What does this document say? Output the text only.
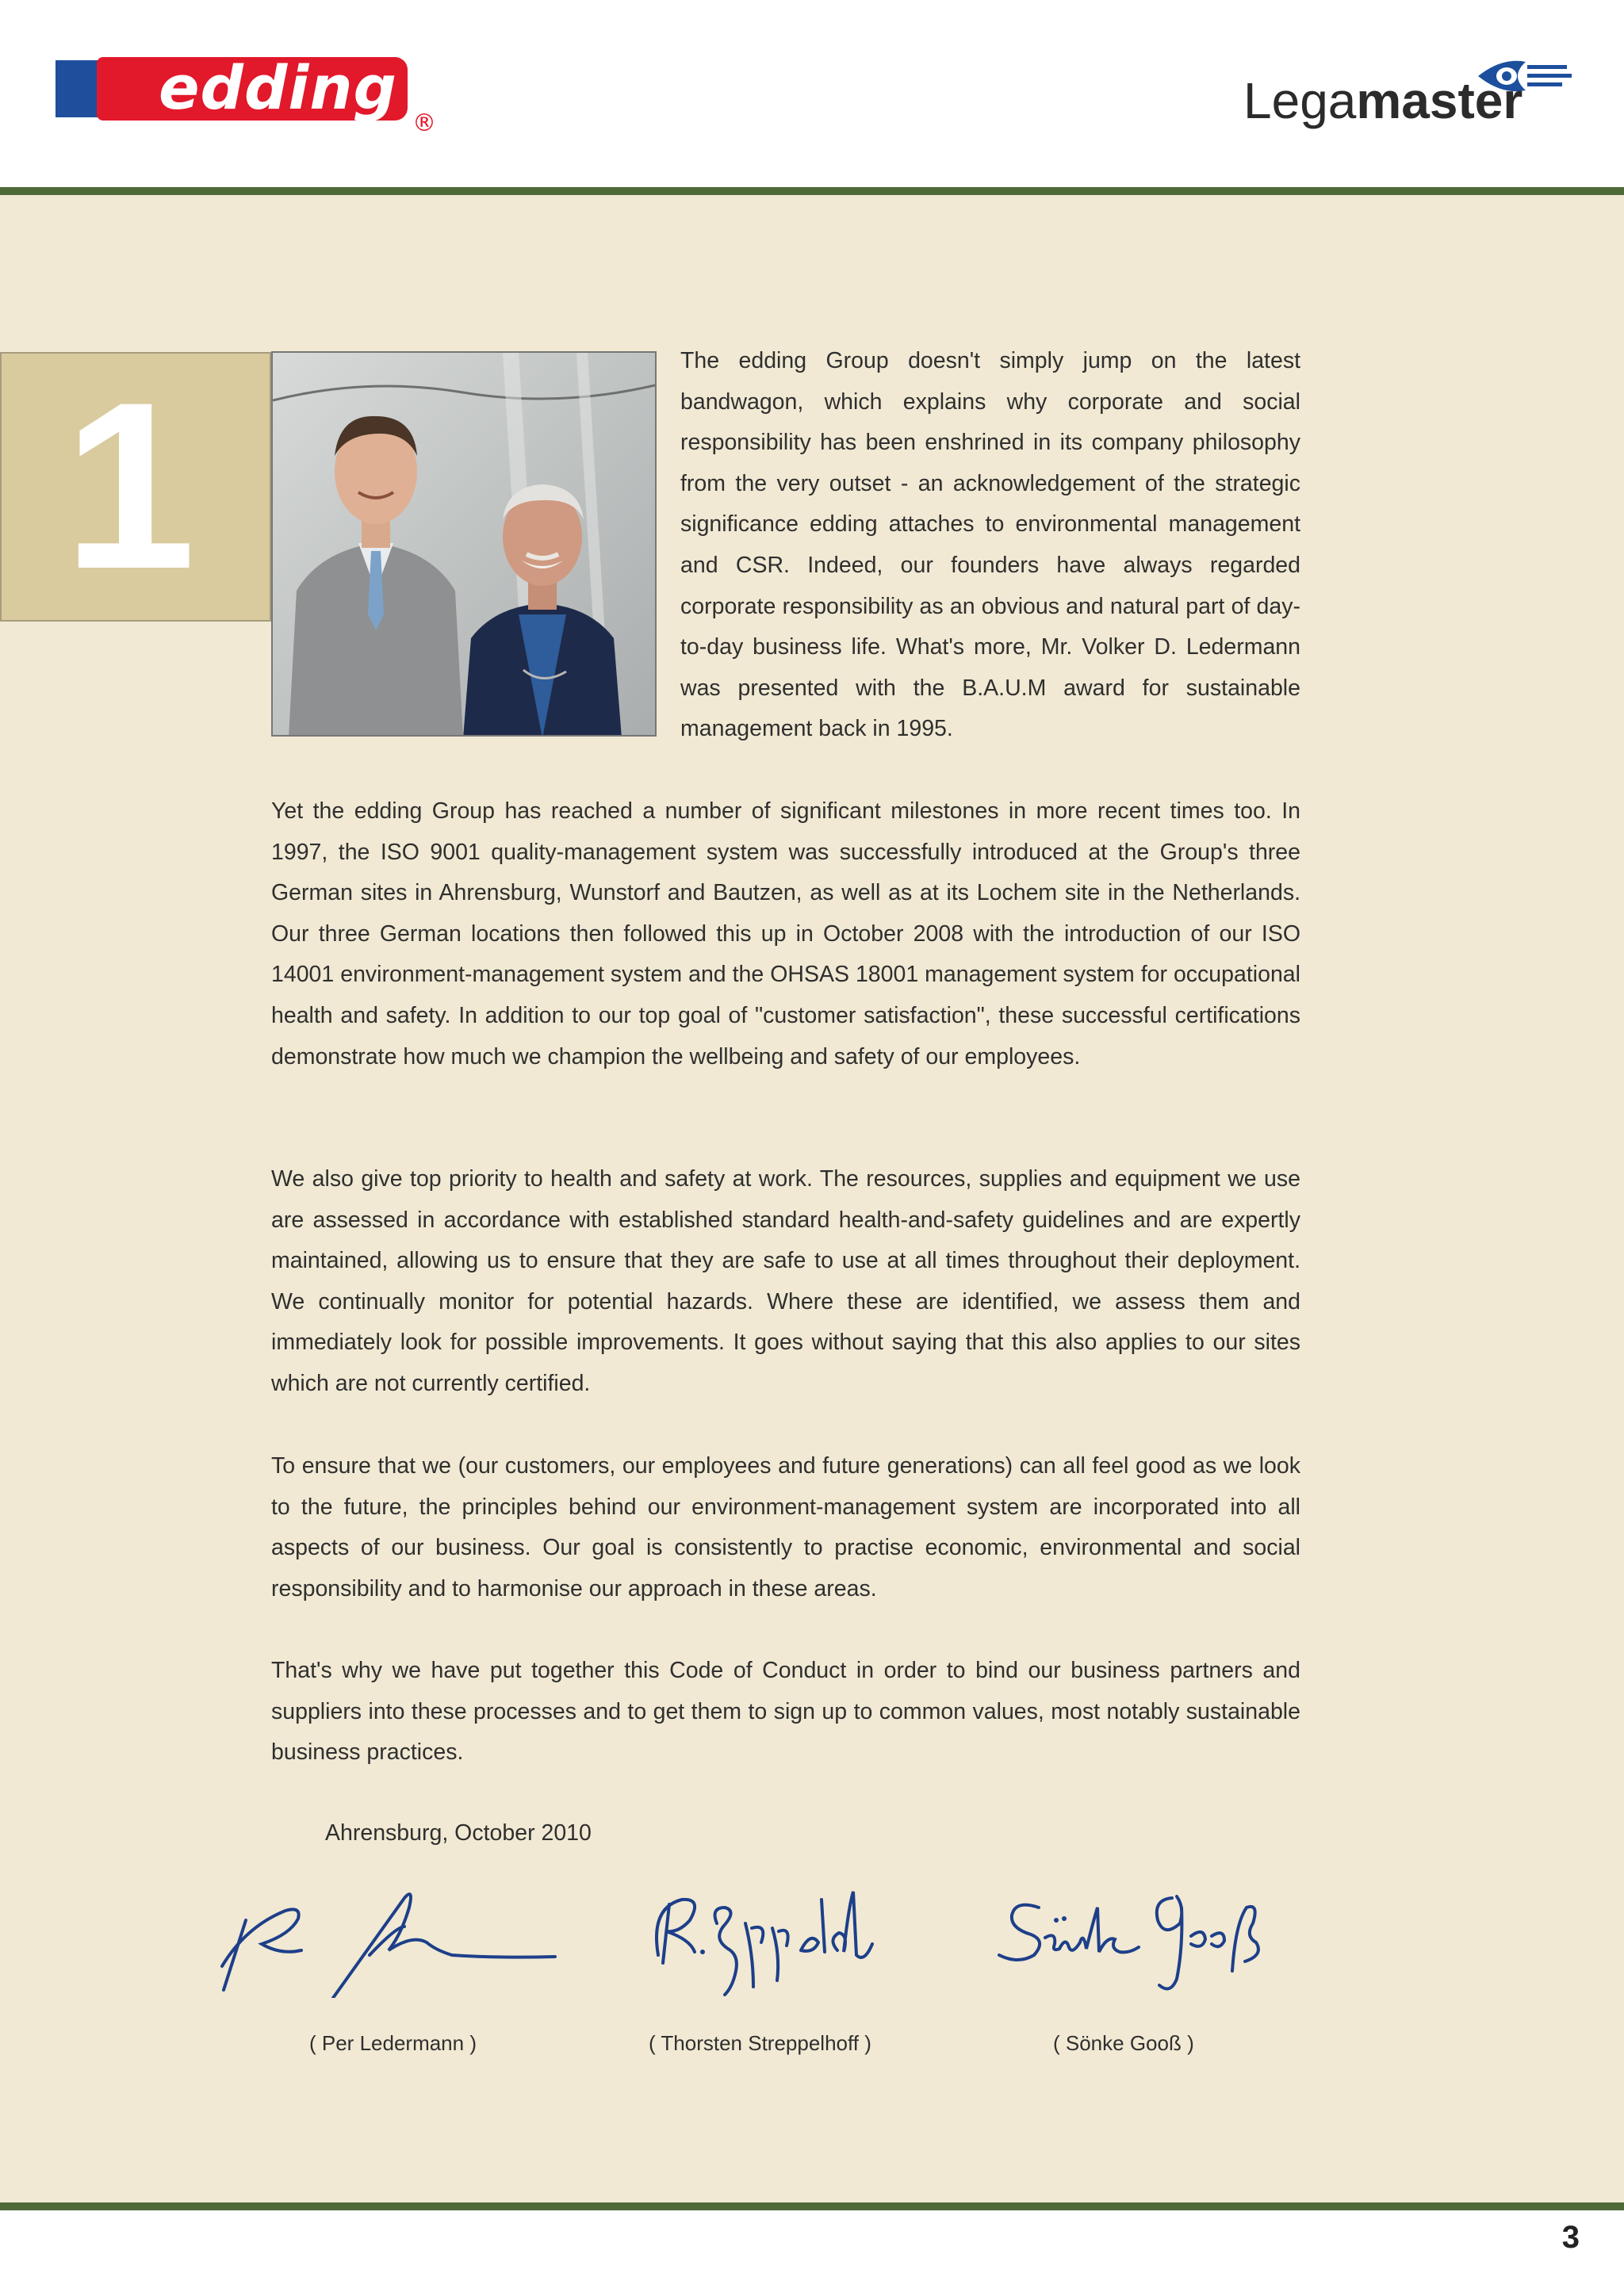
edding
®	Legamaster
1	The edding Group doesn't simply jump on the latest bandwagon, which explains why corporate and social responsibility has been enshrined in its company philosophy from the very outset - an acknowledgement of the strategic significance edding attaches to environmental management and CSR. Indeed, our founders have always regarded corporate responsibility as an obvious and natural part of day-to-day business life. What's more, Mr. Volker D. Ledermann was presented with the B.A.U.M award for sustainable management back in 1995.

Yet the edding Group has reached a number of significant milestones in more recent times too. In 1997, the ISO 9001 quality-management system was successfully introduced at the Group's three German sites in Ahrensburg, Wunstorf and Bautzen, as well as at its Lochem site in the Netherlands. Our three German locations then followed this up in October 2008 with the introduction of our ISO 14001 environment-management system and the OHSAS 18001 management system for occupational health and safety. In addition to our top goal of "customer satisfaction", these successful certifications demonstrate how much we champion the wellbeing and safety of our employees.

We also give top priority to health and safety at work. The resources, supplies and equipment we use are assessed in accordance with established standard health-and-safety guidelines and are expertly maintained, allowing us to ensure that they are safe to use at all times throughout their deployment. We continually monitor for potential hazards. Where these are identified, we assess them and immediately look for possible improvements. It goes without saying that this also applies to our sites which are not currently certified.

To ensure that we (our customers, our employees and future generations) can all feel good as we look to the future, the principles behind our environment-management system are incorporated into all aspects of our business. Our goal is consistently to practise economic, environmental and social responsibility and to harmonise our approach in these areas.

That's why we have put together this Code of Conduct in order to bind our business partners and suppliers into these processes and to get them to sign up to common values, most notably sustainable business practices.

Ahrensburg, October 2010
( Per Ledermann )	( Thorsten Streppelhoff )	( Sönke Gooß )
3
